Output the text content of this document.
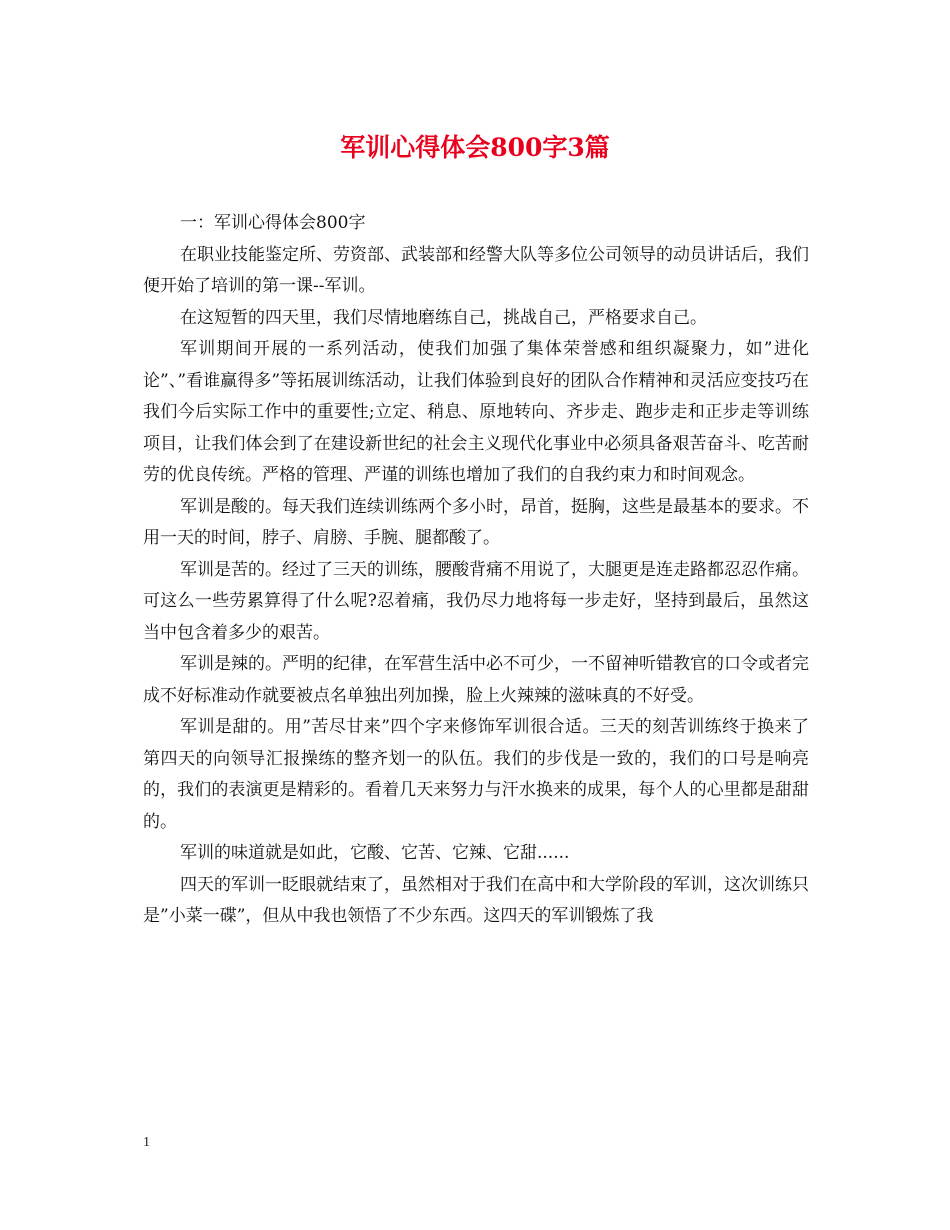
军训心得体会800字3篇

一：军训心得体会800字

在职业技能鉴定所、劳资部、武装部和经警大队等多位公司领导的动员讲话后，我们便开始了培训的第一课--军训。

在这短暂的四天里，我们尽情地磨练自己，挑战自己，严格要求自己。

军训期间开展的一系列活动，使我们加强了集体荣誉感和组织凝聚力，如”进化论”、”看谁赢得多”等拓展训练活动，让我们体验到良好的团队合作精神和灵活应变技巧在我们今后实际工作中的重要性;立定、稍息、原地转向、齐步走、跑步走和正步走等训练项目，让我们体会到了在建设新世纪的社会主义现代化事业中必须具备艰苦奋斗、吃苦耐劳的优良传统。严格的管理、严谨的训练也增加了我们的自我约束力和时间观念。

军训是酸的。每天我们连续训练两个多小时，昂首，挺胸，这些是最基本的要求。不用一天的时间，脖子、肩膀、手腕、腿都酸了。

军训是苦的。经过了三天的训练，腰酸背痛不用说了，大腿更是连走路都忍忍作痛。可这么一些劳累算得了什么呢?忍着痛，我仍尽力地将每一步走好，坚持到最后，虽然这当中包含着多少的艰苦。

军训是辣的。严明的纪律，在军营生活中必不可少，一不留神听错教官的口令或者完成不好标准动作就要被点名单独出列加操，脸上火辣辣的滋味真的不好受。

军训是甜的。用”苦尽甘来”四个字来修饰军训很合适。三天的刻苦训练终于换来了第四天的向领导汇报操练的整齐划一的队伍。我们的步伐是一致的，我们的口号是响亮的，我们的表演更是精彩的。看着几天来努力与汗水换来的成果，每个人的心里都是甜甜的。

军训的味道就是如此，它酸、它苦、它辣、它甜......

四天的军训一眨眼就结束了，虽然相对于我们在高中和大学阶段的军训，这次训练只是”小菜一碟”，但从中我也领悟了不少东西。这四天的军训锻炼了我

1
